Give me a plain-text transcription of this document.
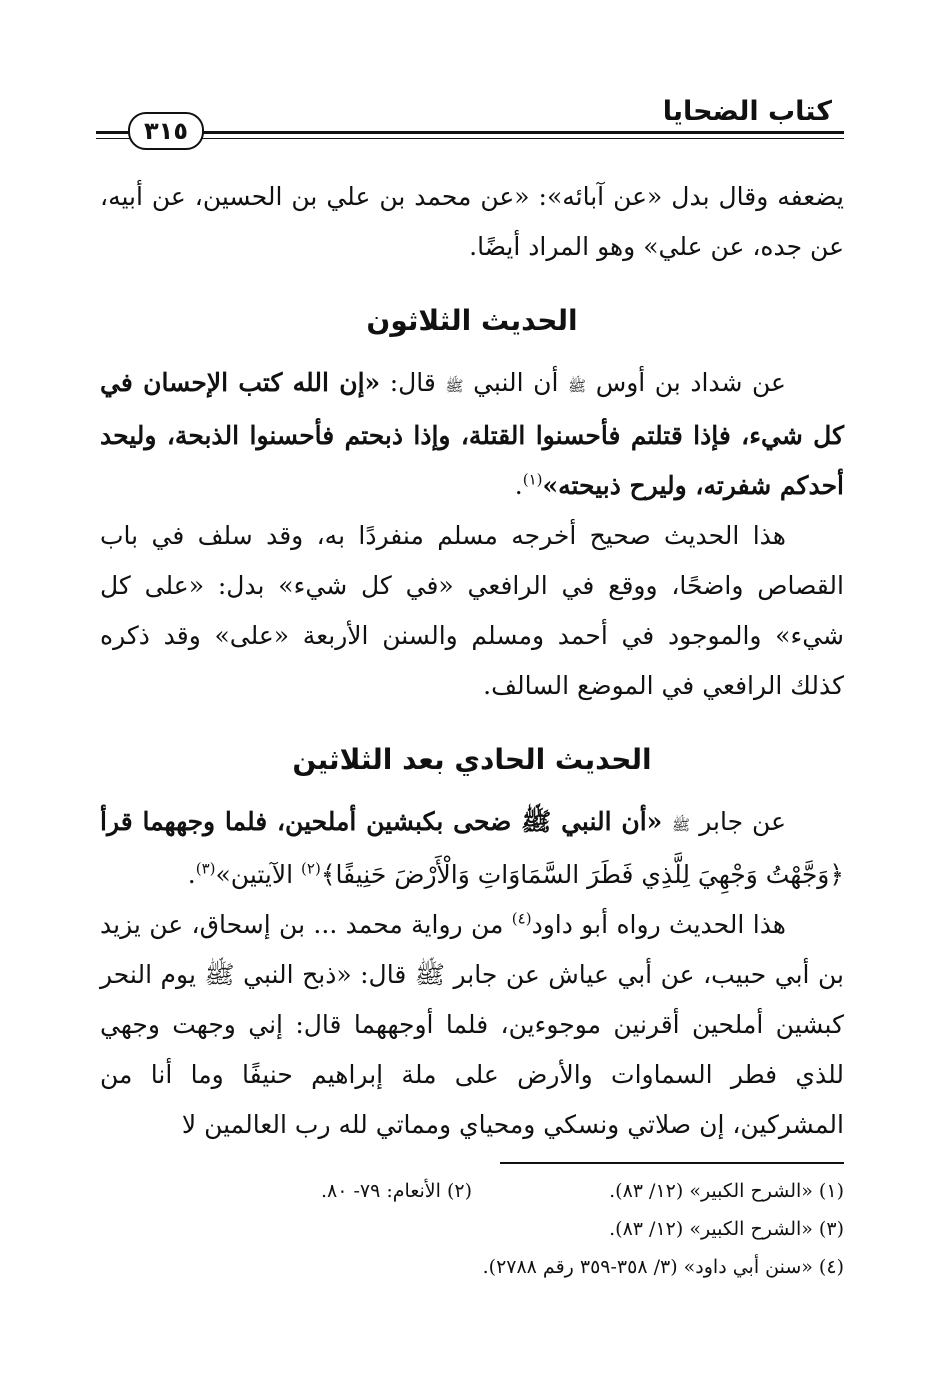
٣١٥
كتاب الضحايا

يضعفه وقال بدل «عن آبائه»: «عن محمد بن علي بن الحسين، عن أبيه، عن جده، عن علي» وهو المراد أيضًا.

الحديث الثلاثون

عن شداد بن أوس ﷺ أن النبي ﷺ قال: «إن الله كتب الإحسان في كل شيء، فإذا قتلتم فأحسنوا القتلة، وإذا ذبحتم فأحسنوا الذبحة، وليحد أحدكم شفرته، وليرح ذبيحته»$^{(١)}$.

هذا الحديث صحيح أخرجه مسلم منفردًا به، وقد سلف في باب القصاص واضحًا، ووقع في الرافعي «في كل شيء» بدل: «على كل شيء» والموجود في أحمد ومسلم والسنن الأربعة «على» وقد ذكره كذلك الرافعي في الموضع السالف.

الحديث الحادي بعد الثلاثين

عن جابر ﷺ «أن النبي ﷺ ضحى بكبشين أملحين، فلما وجههما قرأ ﴿وَجَّهْتُ وَجْهِيَ لِلَّذِي فَطَرَ السَّمَاوَاتِ وَالْأَرْضَ حَنِيفًا﴾$^{(٢)}$ الآيتين»$^{(٣)}$.

هذا الحديث رواه أبو داود$^{(٤)}$ من رواية محمد ... بن إسحاق، عن يزيد بن أبي حبيب، عن أبي عياش عن جابر ﷺ قال: «ذبح النبي ﷺ يوم النحر كبشين أملحين أقرنين موجوءين، فلما أوجههما قال: إني وجهت وجهي للذي فطر السماوات والأرض على ملة إبراهيم حنيفًا وما أنا من المشركين، إن صلاتي ونسكي ومحياي ومماتي لله رب العالمين لا

(١) «الشرح الكبير» (١٢/ ٨٣).
(٢) الأنعام: ٧٩- ٨٠.
(٣) «الشرح الكبير» (١٢/ ٨٣).
(٤) «سنن أبي داود» (٣/ ٣٥٨-٣٥٩ رقم ٢٧٨٨).
